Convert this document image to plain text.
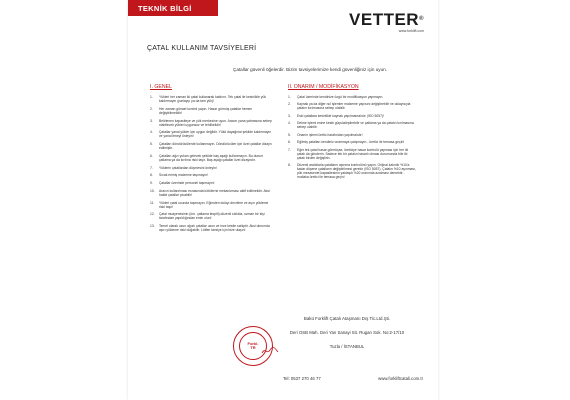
TEKNİK BİLGİ
VETTER®
www.forklift.com
ÇATAL KULLANIM TAVSİYELERİ
Çatallar güvenli öğelerdir. Bizim tavsiyelerimize kendi güvenliğiniz için uyun.
I. GENEL
1.	Yükleri her zaman iki çatal kullanarak kaldırın. Tek çatal ile kesinlikle yük kaldırmayın (parlayıp ya da tam yük)!
2.	Her zaman günael kontrol yapın. Hasar görmüş çatallar hemen değiştirilmelidir!
3.	Belirlenen kapasiteye ve yük merkezine uyun. Aracın yana yatmasına sebep olabilecek yükleri uygunsuz ve tehlikelidir!
4.	Çatallar yanal yükler için uygun değildir. Yükü dayağınal şekilde kaldırmayın ve yanal itmeyi önleyin!
5.	Çatalları döndürücülerde kullanmayın. Döndürücüler için özel çatallar dizayn edilmiştir.
6.	Çatalları ağzı yukarı gelecek şekilde baş aşağı kullanmayın. Bu durum çatlama ya da kırılma riski taşır. Baş aşağı çatallar özel dizayndır.
7.	Yüklerin çatallardan düşmesini önleyin!
8.	Sıcak erimiş malzeme taşımayın!
9.	Çatallar üzerinde personel taşımayın!
10.	Aracın kullanılması esnasında kötülerne mekanizması aktif edilmelidir. Aksi halde çatallar çıkabilir!
11.	Yükleri çatal ucunda taşımayın, Eğimden dolayı devrilme ve aşırı yükleme riski taşır!
12.	Çatal muayenesinin (ürn. çatlama tespiti) düzenli sıklıkla, uzman bir kişi tarafından yapıldığından emin olun!
13.	Temel olarak uzun ağızlı çatallar uzun ve ince kesite sahiptir. Aksi durumda aşırı yükleme riski doğabilir. Lütfen tavsiye için bize ulaşın!
II. ONARIM / MODİFİKASYON
1.	Çatal üzerinde kendinize özgü bir modifikasyon yapmayın.
2.	Kaynak ya da diğer ısıl işlemler malzeme yapısını değiştirebilir ve dolayısıyla çatalın kırılmasına sebep olabilir.
3.	Eski çatallara kesinlikle kaynak yapılmamalıdır (ISO 5057)!
4.	Delme işlemi enine kesiti güçsüzleştirebilir ve çatlama ya da çatalın kırılmasına sebep olabilir.
5.	Onarım işlemi üretici tarafından yapılmalıdır!
6.	Eğilmiş çatalları kendiniz onarmaya çalışmayın - üretici ile temasa geçin!
7.	Eğer tek çatal hasar görmüşse, üreticiye hasar kontrolü yapması için her iki çatalı da gönderin. Sadece tek bir çatalın hasarlı olması durumunda bile iki çatalı birden değiştirin.
8.	Düzenli aralıklarla çatalların aşınma kontrolünü yapın. Orijinal kalınlık %10'a kadar düşene çatalların değiştirilmesi gerekir (ISO 5057). Çatalın %10 aşınması, yük mesasenet kapasitesinin yaklaşık %20 oranında azalması demektir - mutlaka üretici ile temasa geçin!
Forkl.
TR
Bakü Forklift Çatalı Ataşmanı Dış Tic.Ltd.Şti.
Deri OSB Mah. Deri Yan Sanayi Sit. Rugan Sok. No:2-17/10
Tuzla / İSTANBUL
Tel: 0537 270 46 77	www.forkliftcatali.com.tr
